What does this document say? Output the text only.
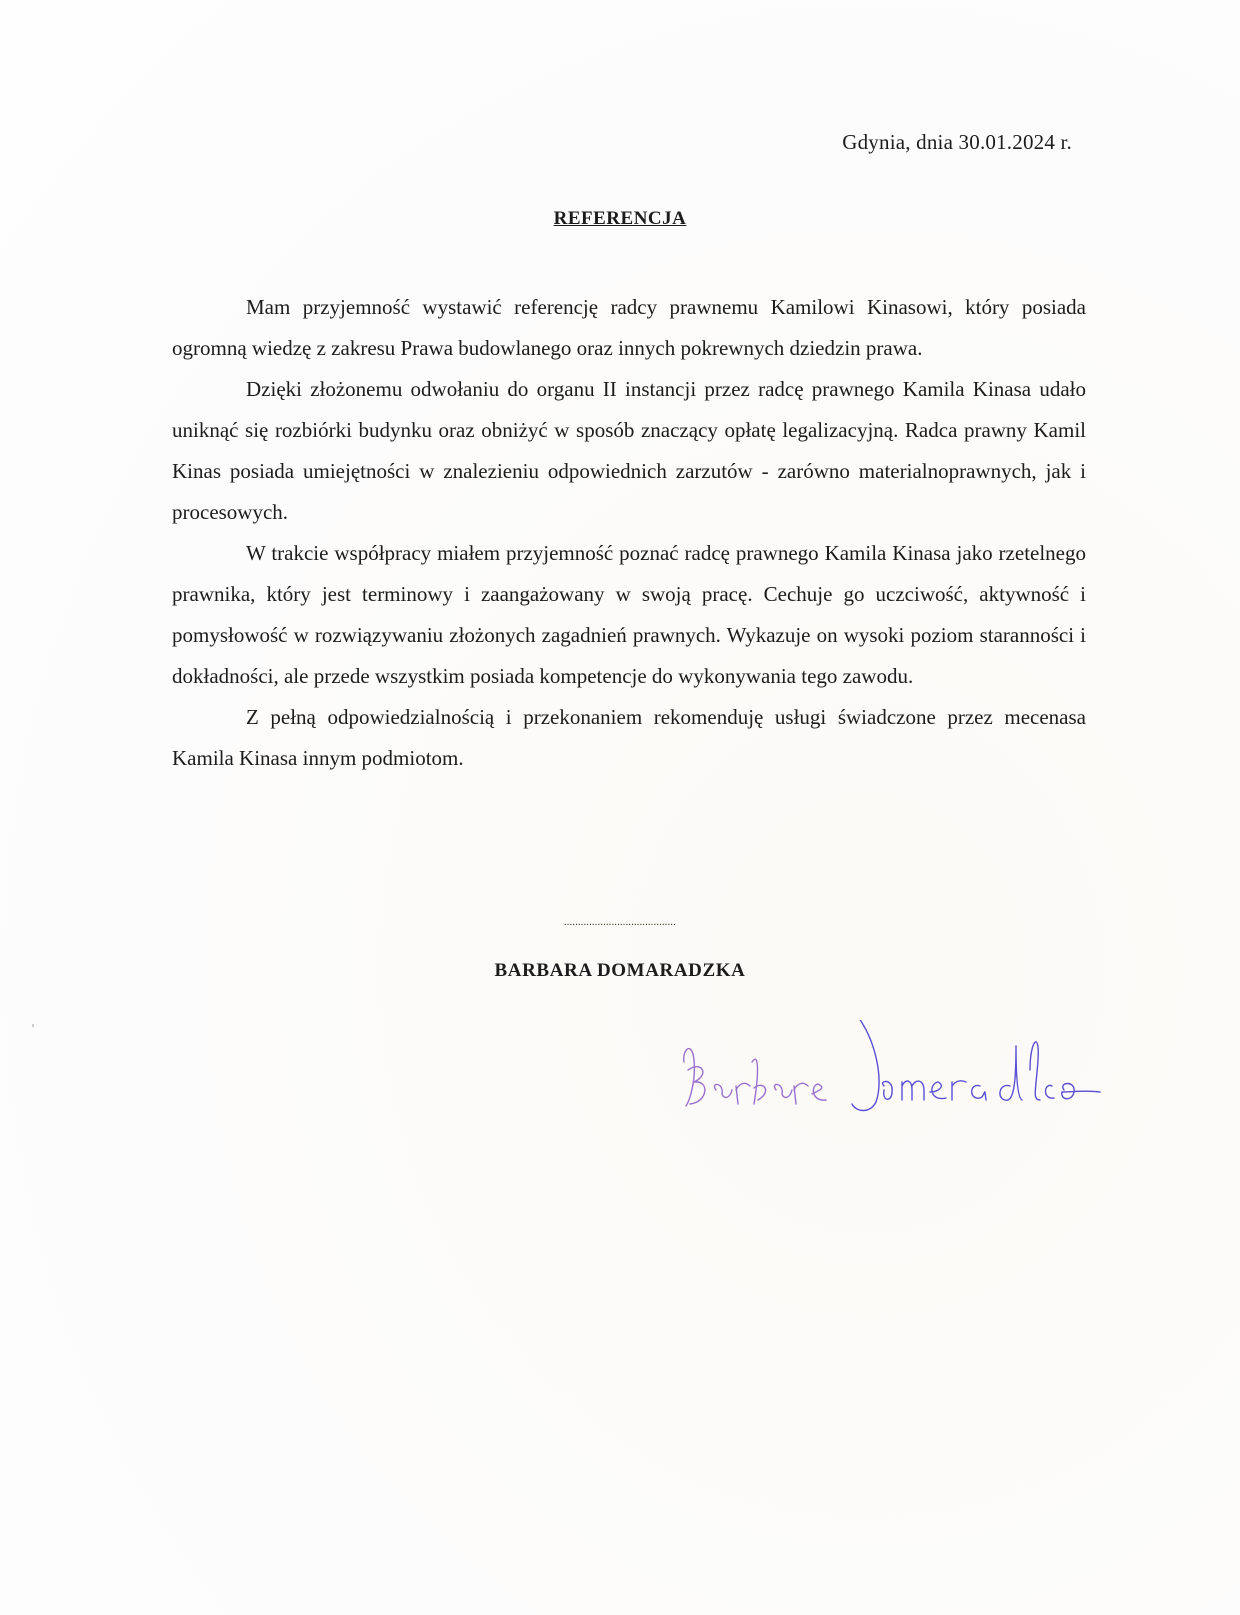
Gdynia, dnia 30.01.2024 r.
REFERENCJA

Mam przyjemność wystawić referencję radcy prawnemu Kamilowi Kinasowi, który posiada ogromną wiedzę z zakresu Prawa budowlanego oraz innych pokrewnych dziedzin prawa.

Dzięki złożonemu odwołaniu do organu II instancji przez radcę prawnego Kamila Kinasa udało uniknąć się rozbiórki budynku oraz obniżyć w sposób znaczący opłatę legalizacyjną. Radca prawny Kamil Kinas posiada umiejętności w znalezieniu odpowiednich zarzutów - zarówno materialnoprawnych, jak i procesowych.

W trakcie współpracy miałem przyjemność poznać radcę prawnego Kamila Kinasa jako rzetelnego prawnika, który jest terminowy i zaangażowany w swoją pracę. Cechuje go uczciwość, aktywność i pomysłowość w rozwiązywaniu złożonych zagadnień prawnych. Wykazuje on wysoki poziom staranności i dokładności, ale przede wszystkim posiada kompetencje do wykonywania tego zawodu.

Z pełną odpowiedzialnością i przekonaniem rekomenduję usługi świadczone przez mecenasa Kamila Kinasa innym podmiotom.

........................................
BARBARA DOMARADZKA
